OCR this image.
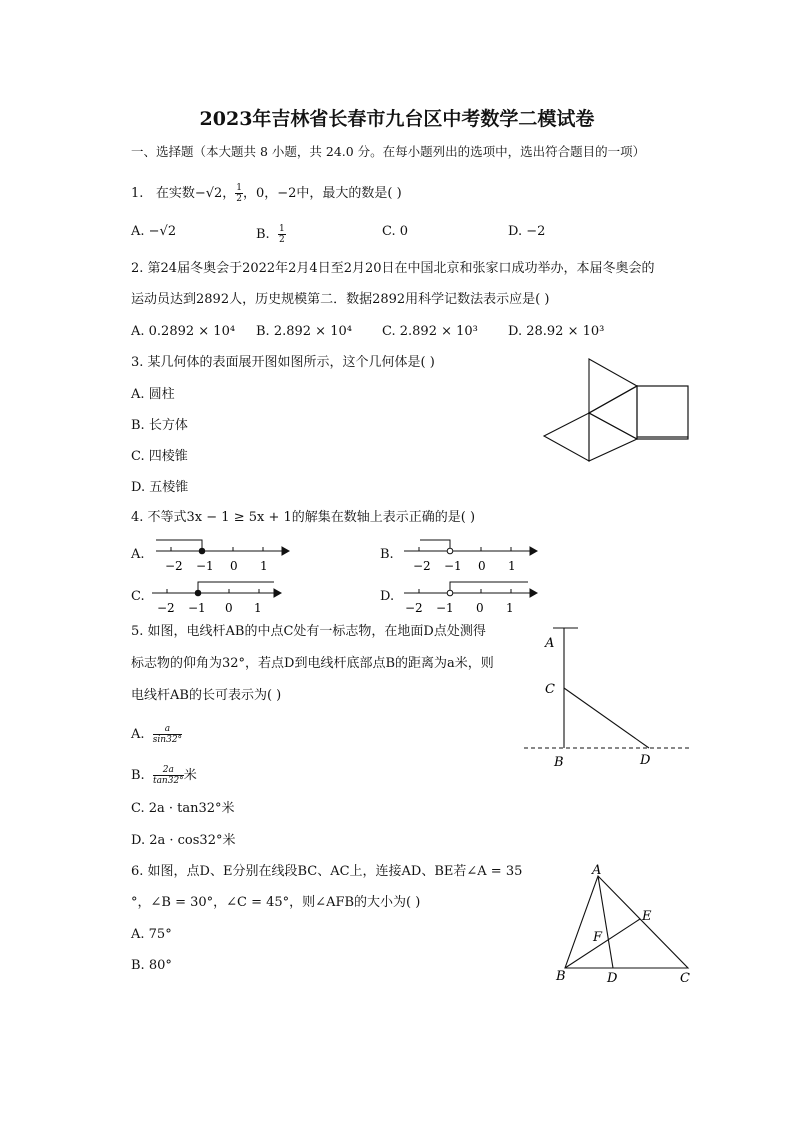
2023年吉林省长春市九台区中考数学二模试卷
一、选择题（本大题共 8 小题，共 24.0 分。在每小题列出的选项中，选出符合题目的一项）
1. 在实数−√2， $\frac{1}{2}$ ，0，−2中，最大的数是( )
A. −√2	B. $\frac{1}{2}$	C. 0	D. −2
2. 第24届冬奥会于2022年2月4日至2月20日在中国北京和张家口成功举办，本届冬奥会的
运动员达到2892人，历史规模第二．数据2892用科学记数法表示应是( )
A. 0.2892 × 10⁴ B. 2.892 × 10⁴ C. 2.892 × 10³ D. 28.92 × 10³
3. 某几何体的表面展开图如图所示，这个几何体是( )
A. 圆柱
B. 长方体
C. 四棱锥
D. 五棱锥
4. 不等式3x − 1 ≥ 5x + 1的解集在数轴上表示正确的是( )
A.
−2 −1 0 1
B.
−2 −1 0 1
C.
−2 −1 0 1
D.
−2 −1 0 1
5. 如图，电线杆AB的中点C处有一标志物，在地面D点处测得
标志物的仰角为32°，若点D到电线杆底部点B的距离为a米，则
电线杆AB的长可表示为( )
A. $\frac{a}{\sin 32^\circ}$
B. $\frac{2a}{\tan 32^\circ}$ 米
C. 2a · tan32°米
D. 2a · cos32°米
A
C
B	D
6. 如图，点D、E分别在线段BC、AC上，连接AD、BE若∠A = 35
°，∠B = 30°，∠C = 45°，则∠AFB的大小为( )
A. 75°
B. 80°
A
E
F
B	D	C
